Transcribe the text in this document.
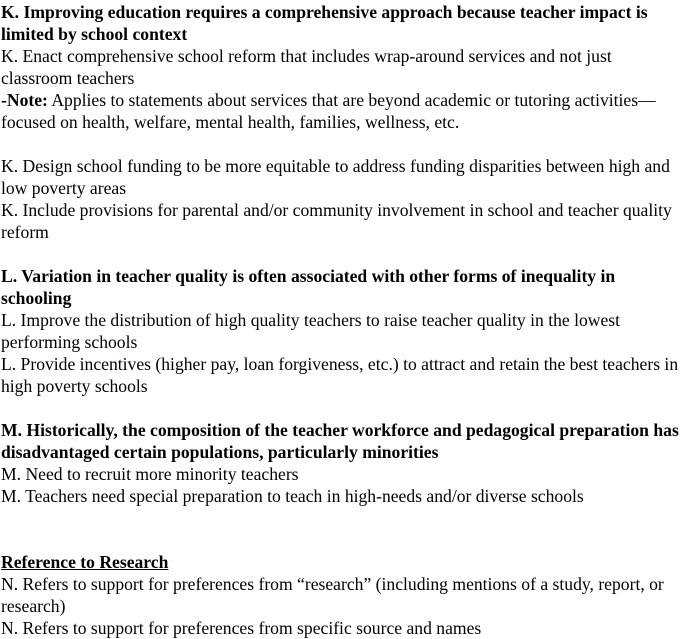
K. Improving education requires a comprehensive approach because teacher impact is limited by school context

K. Enact comprehensive school reform that includes wrap-around services and not just classroom teachers

-Note: Applies to statements about services that are beyond academic or tutoring activities—focused on health, welfare, mental health, families, wellness, etc.

K. Design school funding to be more equitable to address funding disparities between high and low poverty areas

K. Include provisions for parental and/or community involvement in school and teacher quality reform

L. Variation in teacher quality is often associated with other forms of inequality in schooling

L. Improve the distribution of high quality teachers to raise teacher quality in the lowest performing schools

L. Provide incentives (higher pay, loan forgiveness, etc.) to attract and retain the best teachers in high poverty schools

M. Historically, the composition of the teacher workforce and pedagogical preparation has disadvantaged certain populations, particularly minorities

M. Need to recruit more minority teachers

M. Teachers need special preparation to teach in high-needs and/or diverse schools

Reference to Research

N. Refers to support for preferences from “research” (including mentions of a study, report, or research)

N. Refers to support for preferences from specific source and names
